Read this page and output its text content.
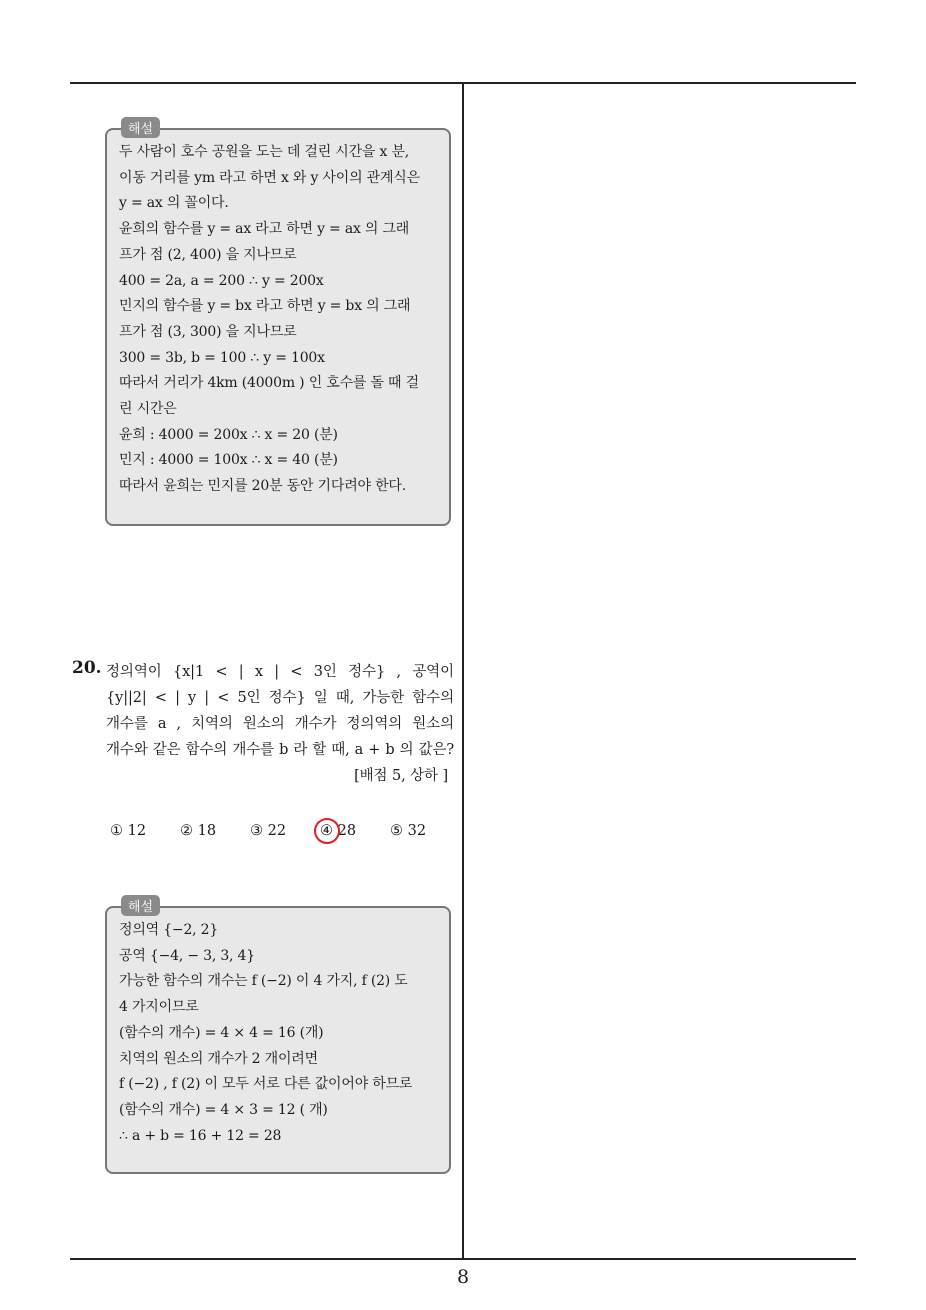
해설
두 사람이 호수 공원을 도는 데 걸린 시간을 x 분,
이동 거리를 ym 라고 하면 x 와 y 사이의 관계식은
y = ax 의 꼴이다.
윤희의 함수를 y = ax 라고 하면 y = ax 의 그래
프가 점 (2, 400) 을 지나므로
400 = 2a, a = 200 ∴ y = 200x
민지의 함수를 y = bx 라고 하면 y = bx 의 그래
프가 점 (3, 300) 을 지나므로
300 = 3b, b = 100 ∴ y = 100x
따라서 거리가 4km (4000m ) 인 호수를 돌 때 걸
린 시간은
윤희 : 4000 = 200x ∴ x = 20 (분)
민지 : 4000 = 100x ∴ x = 40 (분)
따라서 윤희는 민지를 20분 동안 기다려야 한다.
20. 정의역이 {x|1 < | x | < 3인 정수} , 공역이
{y||2| < | y | < 5인 정수} 일 때, 가능한 함수의
개수를 a , 치역의 원소의 개수가 정의역의 원소의
개수와 같은 함수의 개수를 b 라 할 때, a + b 의 값은?
[배점 5, 상하 ]
① 12 ② 18 ③ 22 ④ 28 ⑤ 32
해설
정의역 {−2, 2}
공역 {−4, − 3, 3, 4}
가능한 함수의 개수는 f (−2) 이 4 가지, f (2) 도
4 가지이므로
(함수의 개수) = 4 × 4 = 16 (개)
치역의 원소의 개수가 2 개이려면
f (−2) , f (2) 이 모두 서로 다른 값이어야 하므로
(함수의 개수) = 4 × 3 = 12 ( 개)
∴ a + b = 16 + 12 = 28
8
